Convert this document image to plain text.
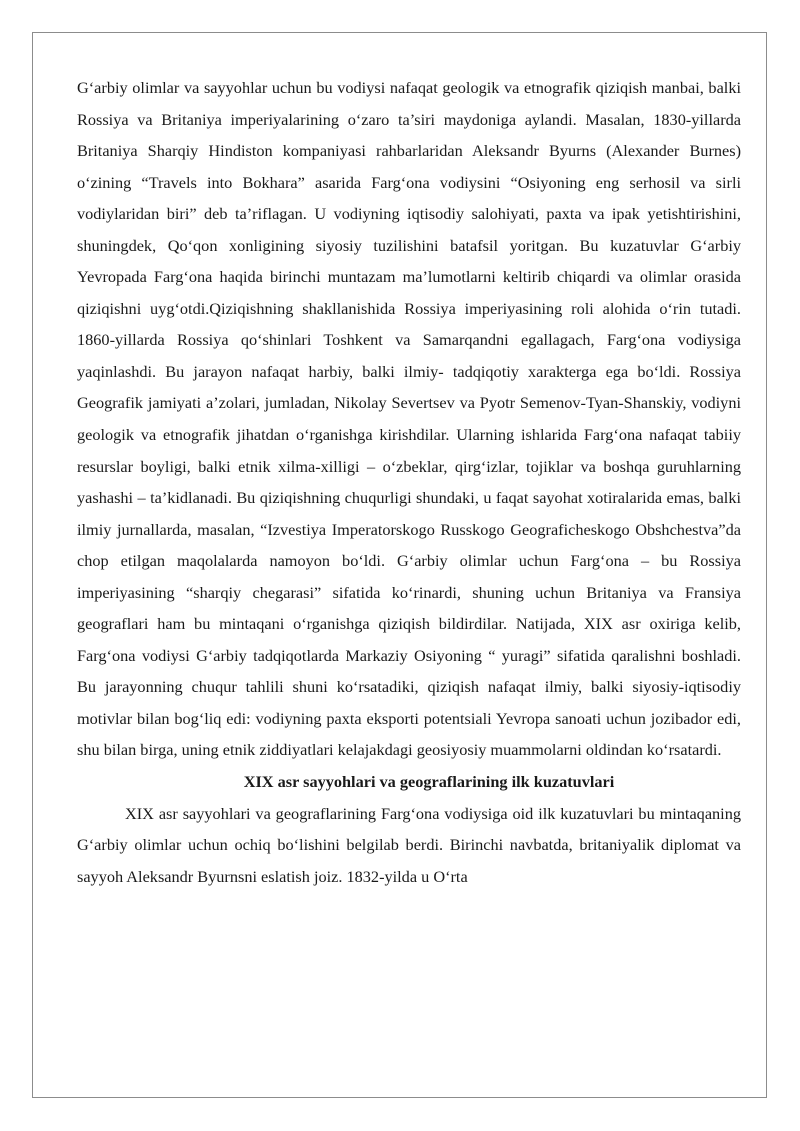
G‘arbiy olimlar va sayyohlar uchun bu vodiysi nafaqat geologik va etnografik qiziqish manbai, balki Rossiya va Britaniya imperiyalarining o‘zaro ta’siri maydoniga aylandi. Masalan, 1830-yillarda Britaniya Sharqiy Hindiston kompaniyasi rahbarlaridan Aleksandr Byurns (Alexander Burnes) o‘zining “Travels into Bokhara” asarida Farg‘ona vodiysini “Osiyoning eng serhosil va sirli vodiylaridan biri” deb ta’riflagan. U vodiyning iqtisodiy salohiyati, paxta va ipak yetishtirishini, shuningdek, Qo‘qon xonligining siyosiy tuzilishini batafsil yoritgan. Bu kuzatuvlar G‘arbiy Yevropada Farg‘ona haqida birinchi muntazam ma’lumotlarni keltirib chiqardi va olimlar orasida qiziqishni uyg‘otdi.Qiziqishning shakllanishida Rossiya imperiyasining roli alohida o‘rin tutadi. 1860-yillarda Rossiya qo‘shinlari Toshkent va Samarqandni egallagach, Farg‘ona vodiysiga yaqinlashdi. Bu jarayon nafaqat harbiy, balki ilmiy- tadqiqotiy xarakterga ega bo‘ldi. Rossiya Geografik jamiyati a’zolari, jumladan, Nikolay Severtsev va Pyotr Semenov-Tyan-Shanskiy, vodiyni geologik va etnografik jihatdan o‘rganishga kirishdilar. Ularning ishlarida Farg‘ona nafaqat tabiiy resurslar boyligi, balki etnik xilma-xilligi – o‘zbeklar, qirg‘izlar, tojiklar va boshqa guruhlarning yashashi – ta’kidlanadi. Bu qiziqishning chuqurligi shundaki, u faqat sayohat xotiralarida emas, balki ilmiy jurnallarda, masalan, “Izvestiya Imperatorskogo Russkogo Geograficheskogo Obshchestva”da chop etilgan maqolalarda namoyon bo‘ldi. G‘arbiy olimlar uchun Farg‘ona – bu Rossiya imperiyasining “sharqiy chegarasi” sifatida ko‘rinardi, shuning uchun Britaniya va Fransiya geograflari ham bu mintaqani o‘rganishga qiziqish bildirdilar. Natijada, XIX asr oxiriga kelib, Farg‘ona vodiysi G‘arbiy tadqiqotlarda Markaziy Osiyoning “ yuragi” sifatida qaralishni boshladi. Bu jarayonning chuqur tahlili shuni ko‘rsatadiki, qiziqish nafaqat ilmiy, balki siyosiy-iqtisodiy motivlar bilan bog‘liq edi: vodiyning paxta eksporti potentsiali Yevropa sanoati uchun jozibador edi, shu bilan birga, uning etnik ziddiyatlari kelajakdagi geosiyosiy muammolarni oldindan ko‘rsatardi.

XIX asr sayyohlari va geograflarining ilk kuzatuvlari

XIX asr sayyohlari va geograflarining Farg‘ona vodiysiga oid ilk kuzatuvlari bu mintaqaning G‘arbiy olimlar uchun ochiq bo‘lishini belgilab berdi. Birinchi navbatda, britaniyalik diplomat va sayyoh Aleksandr Byurnsni eslatish joiz. 1832-yilda u O‘rta
